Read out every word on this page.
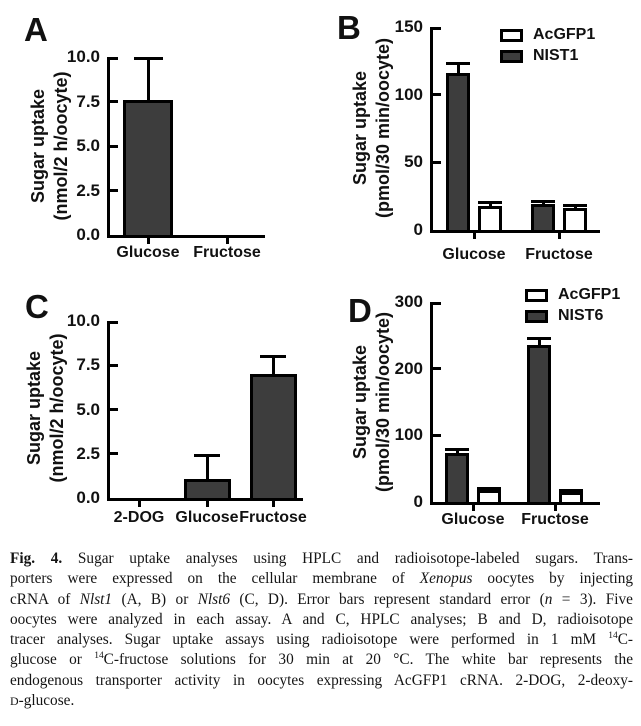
A
Sugar uptake (nmol/2 h/oocyte)
0.0
2.5
5.0
7.5
10.0
Glucose Fructose
B
Sugar uptake (pmol/30 min/oocyte)
0
50
100
150
Glucose	Fructose
AcGFP1
NIST1
C
Sugar uptake (nmol/2 h/oocyte)
0.0
2.5
5.0
7.5
10.0
2-DOG Glucose Fructose
D
Sugar uptake (pmol/30 min/oocyte)
0
100
200
300
Glucose	Fructose
AcGFP1
NIST6
Fig. 4. Sugar uptake analyses using HPLC and radioisotope-labeled sugars. Trans-
porters were expressed on the cellular membrane of Xenopus oocytes by injecting
cRNA of Nlst1 (A, B) or Nlst6 (C, D). Error bars represent standard error (n = 3). Five
oocytes were analyzed in each assay. A and C, HPLC analyses; B and D, radioisotope
tracer analyses. Sugar uptake assays using radioisotope were performed in 1 mM $^{14}$C-
glucose or $^{14}$C-fructose solutions for 30 min at 20 °C. The white bar represents the
endogenous transporter activity in oocytes expressing AcGFP1 cRNA. 2-DOG, 2-deoxy-
D-glucose.
